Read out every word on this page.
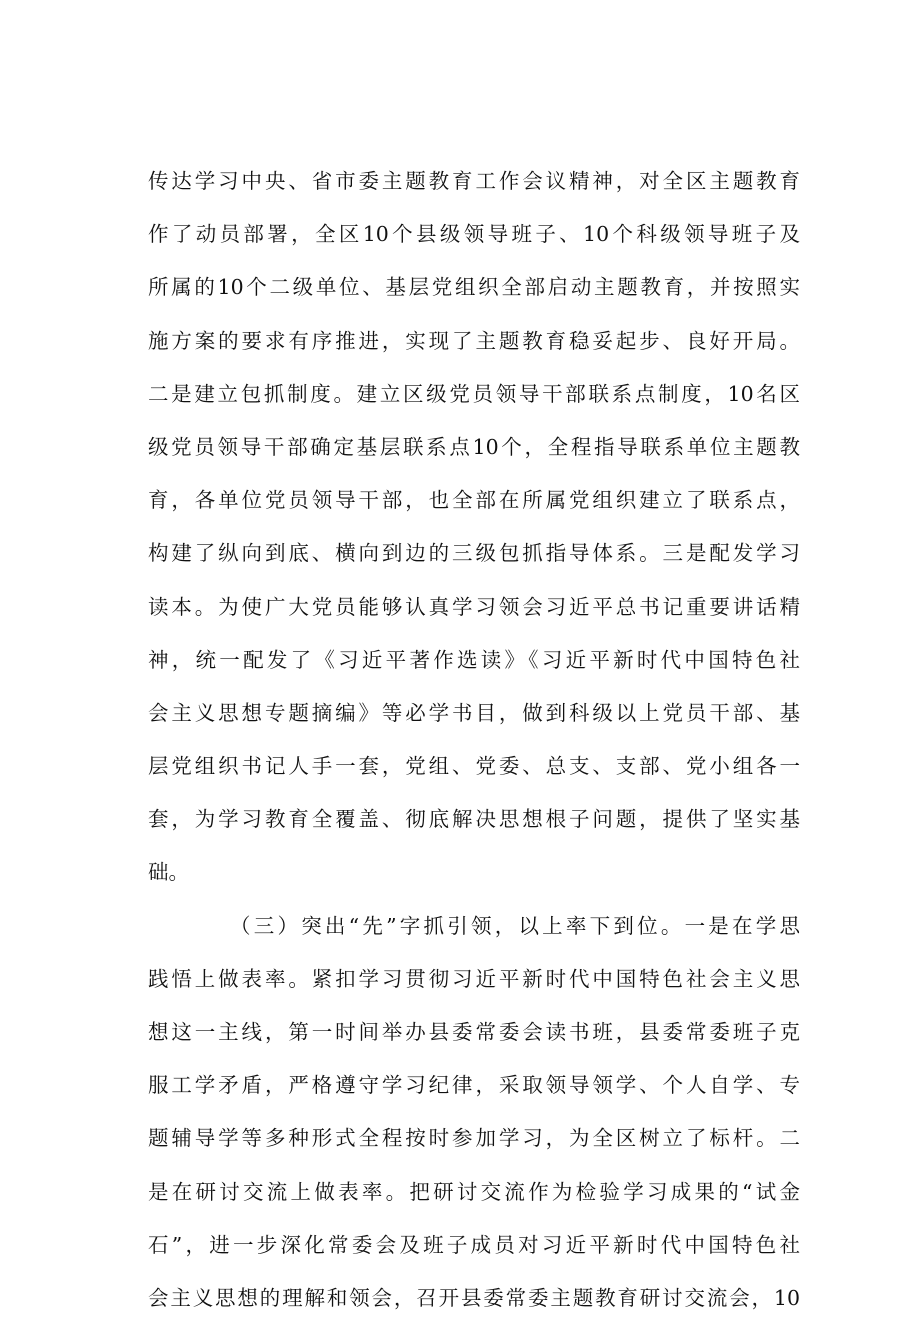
传达学习中央、省市委主题教育工作会议精神，对全区主题教育
作了动员部署，全区10个县级领导班子、10个科级领导班子及
所属的10个二级单位、基层党组织全部启动主题教育，并按照实
施方案的要求有序推进，实现了主题教育稳妥起步、良好开局。
二是建立包抓制度。建立区级党员领导干部联系点制度，10名区
级党员领导干部确定基层联系点10个，全程指导联系单位主题教
育，各单位党员领导干部，也全部在所属党组织建立了联系点，
构建了纵向到底、横向到边的三级包抓指导体系。三是配发学习
读本。为使广大党员能够认真学习领会习近平总书记重要讲话精
神，统一配发了《习近平著作选读》《习近平新时代中国特色社
会主义思想专题摘编》等必学书目，做到科级以上党员干部、基
层党组织书记人手一套，党组、党委、总支、支部、党小组各一
套，为学习教育全覆盖、彻底解决思想根子问题，提供了坚实基
础。
（三）突出“先”字抓引领，以上率下到位。一是在学思
践悟上做表率。紧扣学习贯彻习近平新时代中国特色社会主义思
想这一主线，第一时间举办县委常委会读书班，县委常委班子克
服工学矛盾，严格遵守学习纪律，采取领导领学、个人自学、专
题辅导学等多种形式全程按时参加学习，为全区树立了标杆。二
是在研讨交流上做表率。把研讨交流作为检验学习成果的“试金
石”，进一步深化常委会及班子成员对习近平新时代中国特色社
会主义思想的理解和领会，召开县委常委主题教育研讨交流会，10
